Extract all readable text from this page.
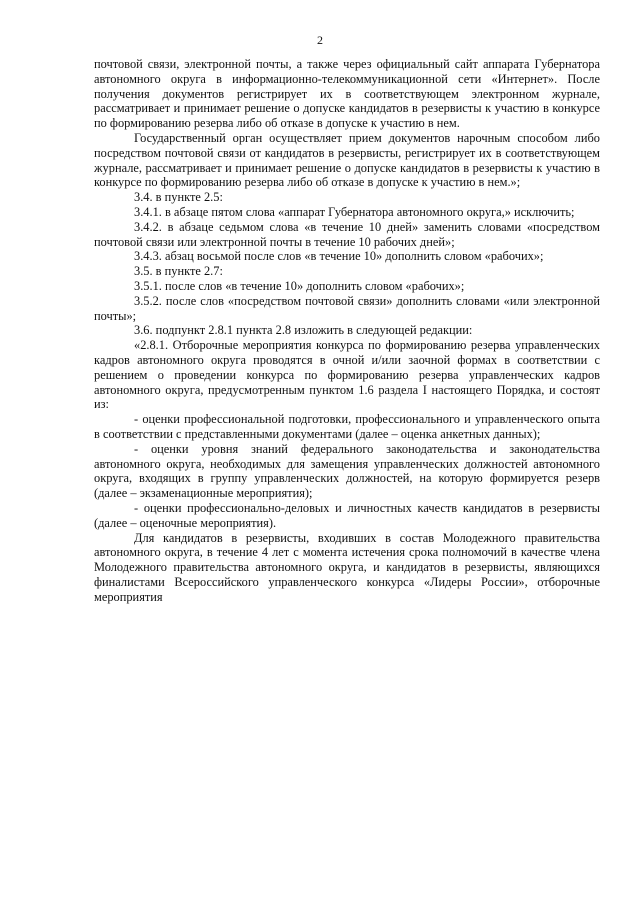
2

почтовой связи, электронной почты, а также через официальный сайт аппарата Губернатора автономного округа в информационно-телекоммуникационной сети «Интернет». После получения документов регистрирует их в соответствующем электронном журнале, рассматривает и принимает решение о допуске кандидатов в резервисты к участию в конкурсе по формированию резерва либо об отказе в допуске к участию в нем.

Государственный орган осуществляет прием документов нарочным способом либо посредством почтовой связи от кандидатов в резервисты, регистрирует их в соответствующем журнале, рассматривает и принимает решение о допуске кандидатов в резервисты к участию в конкурсе по формированию резерва либо об отказе в допуске к участию в нем.»;

3.4. в пункте 2.5:

3.4.1. в абзаце пятом слова «аппарат Губернатора автономного округа,» исключить;

3.4.2. в абзаце седьмом слова «в течение 10 дней» заменить словами «посредством почтовой связи или электронной почты в течение 10 рабочих дней»;

3.4.3. абзац восьмой после слов «в течение 10» дополнить словом «рабочих»;

3.5. в пункте 2.7:

3.5.1. после слов «в течение 10» дополнить словом «рабочих»;

3.5.2. после слов «посредством почтовой связи» дополнить словами «или электронной почты»;

3.6. подпункт 2.8.1 пункта 2.8 изложить в следующей редакции:

«2.8.1. Отборочные мероприятия конкурса по формированию резерва управленческих кадров автономного округа проводятся в очной и/или заочной формах в соответствии с решением о проведении конкурса по формированию резерва управленческих кадров автономного округа, предусмотренным пунктом 1.6 раздела I настоящего Порядка, и состоят из:

- оценки профессиональной подготовки, профессионального и управленческого опыта в соответствии с представленными документами (далее – оценка анкетных данных);

- оценки уровня знаний федерального законодательства и законодательства автономного округа, необходимых для замещения управленческих должностей автономного округа, входящих в группу управленческих должностей, на которую формируется резерв (далее – экзаменационные мероприятия);

- оценки профессионально-деловых и личностных качеств кандидатов в резервисты (далее – оценочные мероприятия).

Для кандидатов в резервисты, входивших в состав Молодежного правительства автономного округа, в течение 4 лет с момента истечения срока полномочий в качестве члена Молодежного правительства автономного округа, и кандидатов в резервисты, являющихся финалистами Всероссийского управленческого конкурса «Лидеры России», отборочные мероприятия
